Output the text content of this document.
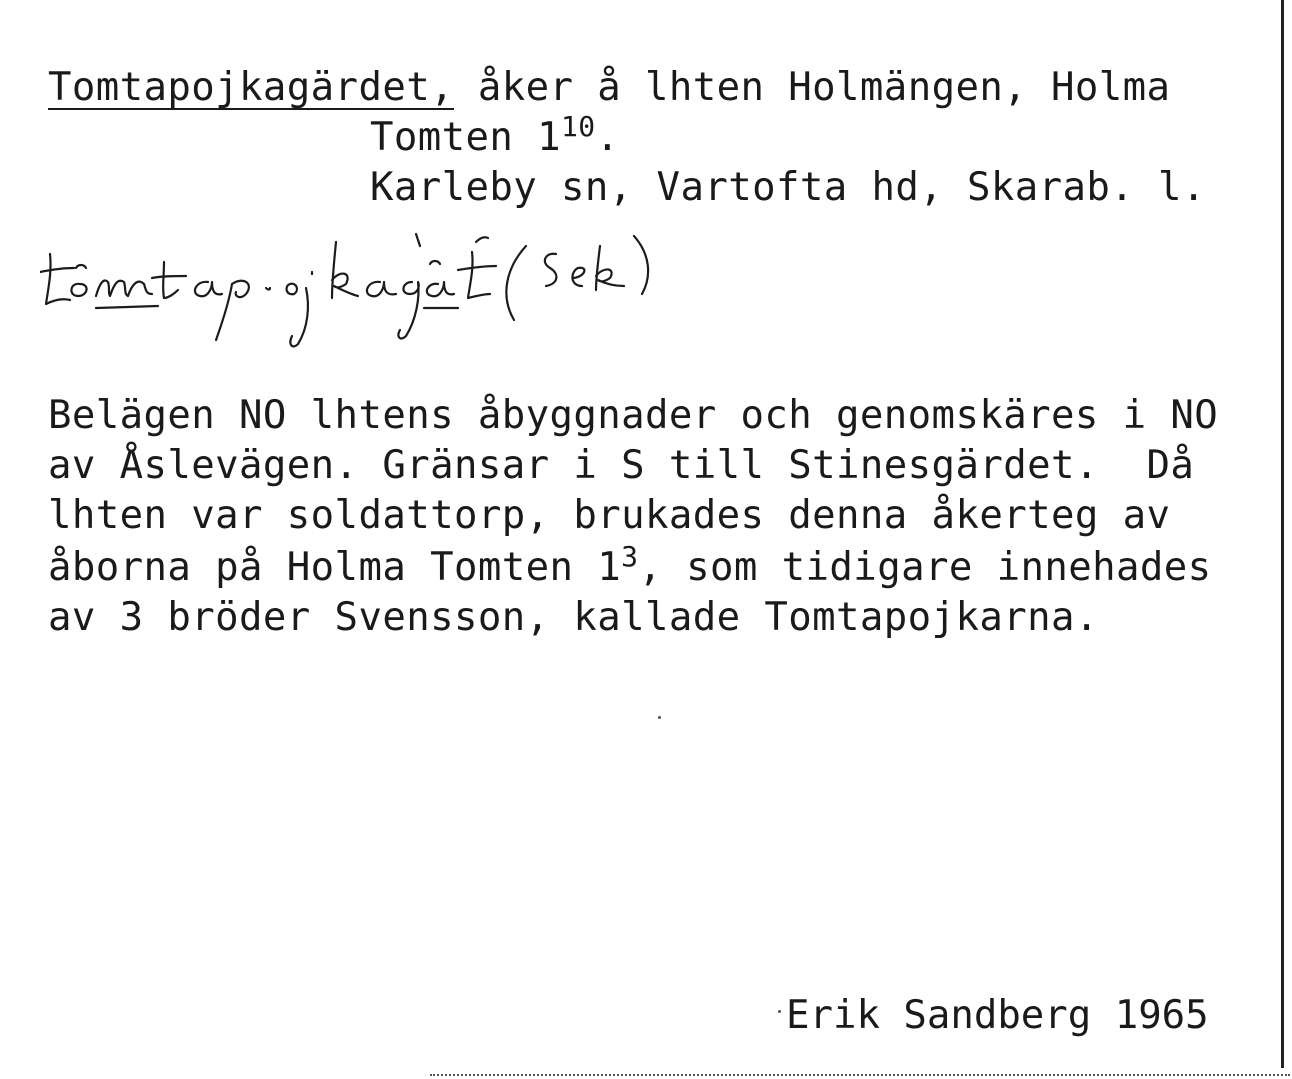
Tomtapojkagärdet, åker å lhten Holmängen, Holma
Tomten $1^{10}$.
Karleby sn, Vartofta hd, Skarab. l.
Belägen NO lhtens åbyggnader och genomskäres i NO
av Åslevägen. Gränsar i S till Stinesgärdet.  Då
lhten var soldattorp, brukades denna åkerteg av
åborna på Holma Tomten $1^3$, som tidigare innehades
av 3 bröder Svensson, kallade Tomtapojkarna.
Erik Sandberg 1965
